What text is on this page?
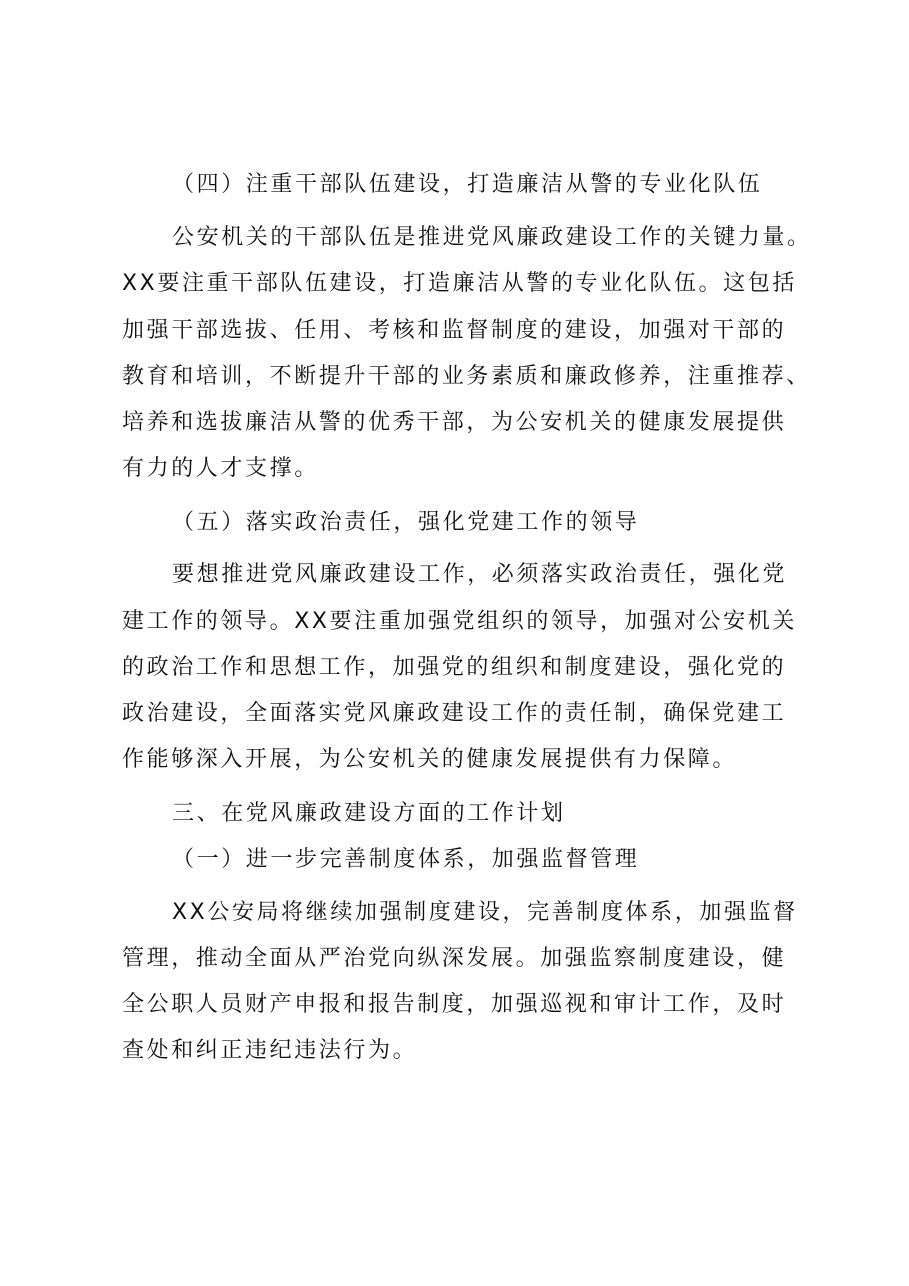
（四）注重干部队伍建设，打造廉洁从警的专业化队伍
公安机关的干部队伍是推进党风廉政建设工作的关键力量。
XX要注重干部队伍建设，打造廉洁从警的专业化队伍。这包括
加强干部选拔、任用、考核和监督制度的建设，加强对干部的
教育和培训，不断提升干部的业务素质和廉政修养，注重推荐、
培养和选拔廉洁从警的优秀干部，为公安机关的健康发展提供
有力的人才支撑。
（五）落实政治责任，强化党建工作的领导
要想推进党风廉政建设工作，必须落实政治责任，强化党
建工作的领导。XX要注重加强党组织的领导，加强对公安机关
的政治工作和思想工作，加强党的组织和制度建设，强化党的
政治建设，全面落实党风廉政建设工作的责任制，确保党建工
作能够深入开展，为公安机关的健康发展提供有力保障。
三、在党风廉政建设方面的工作计划
（一）进一步完善制度体系，加强监督管理
XX公安局将继续加强制度建设，完善制度体系，加强监督
管理，推动全面从严治党向纵深发展。加强监察制度建设，健
全公职人员财产申报和报告制度，加强巡视和审计工作，及时
查处和纠正违纪违法行为。
